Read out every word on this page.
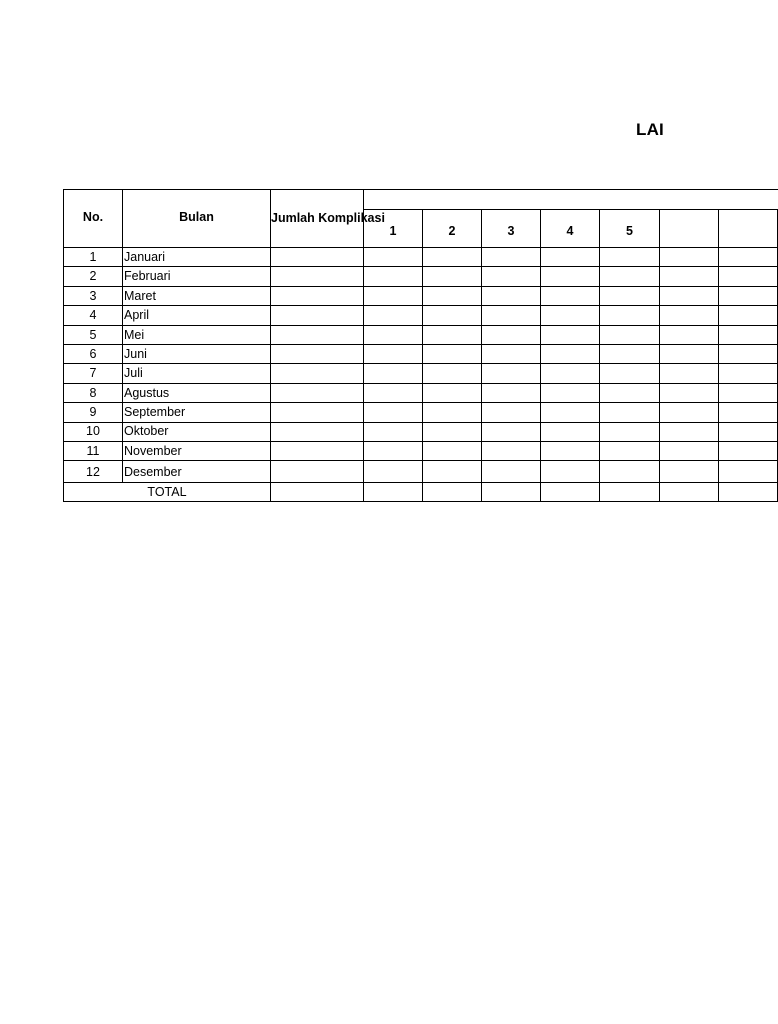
LAI
No.	Bulan	Jumlah Komplikasi							
			1	2	3	4	5		
1	Januari								
2	Februari								
3	Maret								
4	April								
5	Mei								
6	Juni								
7	Juli								
8	Agustus								
9	September								
10	Oktober								
11	November								
12	Desember								
TOTAL									
